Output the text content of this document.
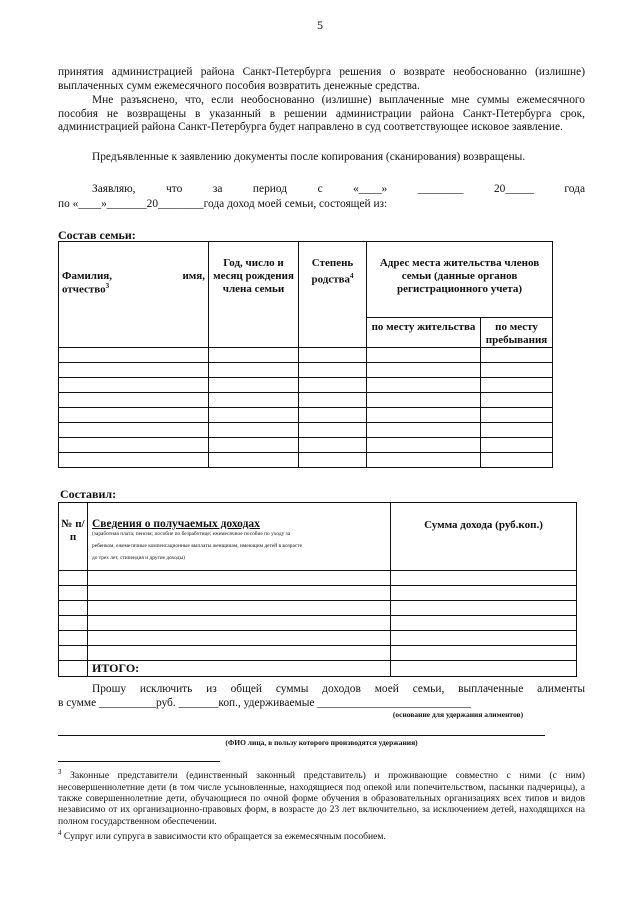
5
принятия администрацией района Санкт-Петербурга решения о возврате необоснованно (излишне) выплаченных сумм ежемесячного пособия возвратить денежные средства.
Мне разъяснено, что, если необоснованно (излишне) выплаченные мне суммы ежемесячного пособия не возвращены в указанный в решении администрации района Санкт-Петербурга срок, администрацией района Санкт-Петербурга будет направлено в суд соответствующее исковое заявление.
Предъявленные к заявлению документы после копирования (сканирования) возвращены.
Заявляю, что за период с «____» ________ 20_____ года
по «____»_______20________года доход моей семьи, состоящей из:
Состав семьи:
Фамилия, имя,
отчество$^3$	Год, число и месяц рождения члена семьи	Степень родства$^4$	Адрес места жительства членов семьи (данные органов регистрационного учета)	
			по месту жительства	по месту пребывания

Составил:
№ п/п	Сведения о получаемых доходах
(заработная плата; пенсия; пособие по безработице; ежемесячное пособие по уходу за
ребенком, ежемесячные компенсационные выплаты женщинам, имеющим детей в возрасте
до трех лет, стипендия и другие доходы)	Сумма дохода (руб.коп.)

	ИТОГО:	
Прошу исключить из общей суммы доходов моей семьи, выплаченные алименты
в сумме __________руб. _______коп., удерживаемые ___________________________
(основание для удержания алиментов)
(ФИО лица, в пользу которого производятся удержания)
$^3$ Законные представители (единственный законный представитель) и проживающие совместно с ними (с ним) несовершеннолетние дети (в том числе усыновленные, находящиеся под опекой или попечительством, пасынки падчерицы), а также совершеннолетние дети, обучающиеся по очной форме обучения в образовательных организациях всех типов и видов независимо от их организационно-правовых форм, в возрасте до 23 лет включительно, за исключением детей, находящихся на полном государственном обеспечении.
$^4$ Супруг или супруга в зависимости кто обращается за ежемесячным пособием.
